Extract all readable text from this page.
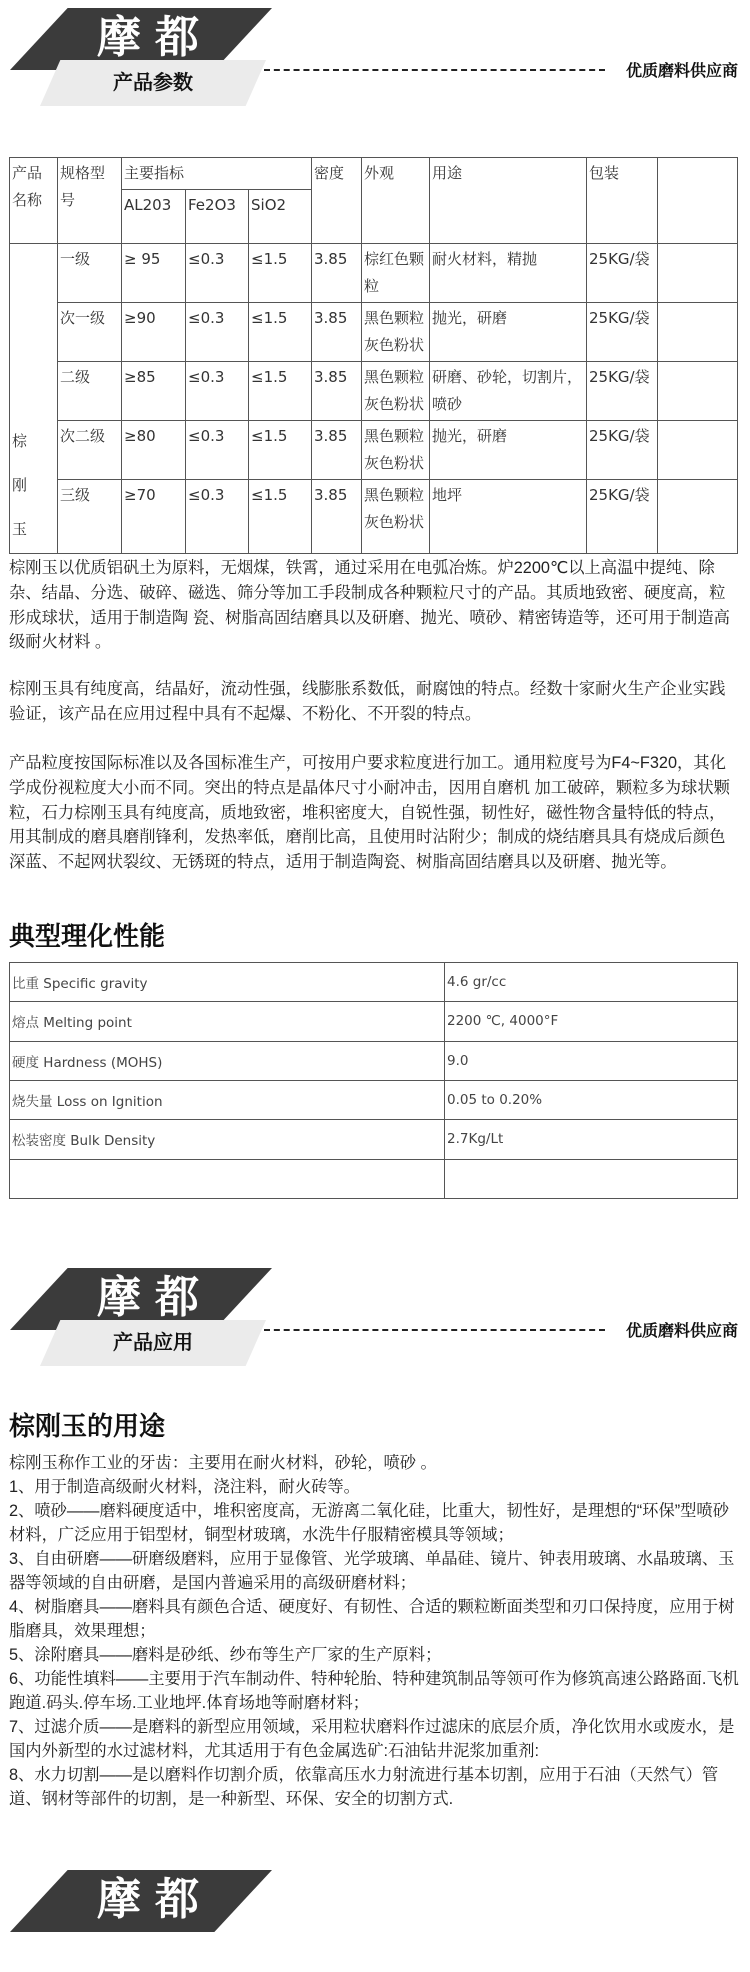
摩都
产品参数
优质磨料供应商
产品名称	规格型号	主要指标			密度	外观	用途	包装	
		AL203	Fe2O3	SiO2					

棕
刚
玉	一级	≥ 95	≤0.3	≤1.5	3.85	棕红色颗粒	耐火材料，精抛	25KG/袋	
	次一级	≥90	≤0.3	≤1.5	3.85	黑色颗粒灰色粉状	抛光，研磨	25KG/袋	
	二级	≥85	≤0.3	≤1.5	3.85	黑色颗粒灰色粉状	研磨、砂轮，切割片，喷砂	25KG/袋	
	次二级	≥80	≤0.3	≤1.5	3.85	黑色颗粒灰色粉状	抛光，研磨	25KG/袋	
	三级	≥70	≤0.3	≤1.5	3.85	黑色颗粒灰色粉状	地坪	25KG/袋	

棕刚玉以优质铝矾土为原料，无烟煤，铁霄，通过采用在电弧冶炼。炉2200℃以上高温中提纯、除杂、结晶、分选、破碎、磁选、筛分等加工手段制成各种颗粒尺寸的产品。其质地致密、硬度高，粒形成球状，适用于制造陶 瓷、树脂高固结磨具以及研磨、抛光、喷砂、精密铸造等，还可用于制造高级耐火材料 。

棕刚玉具有纯度高，结晶好，流动性强，线膨胀系数低，耐腐蚀的特点。经数十家耐火生产企业实践验证，该产品在应用过程中具有不起爆、不粉化、不开裂的特点。

产品粒度按国际标准以及各国标准生产，可按用户要求粒度进行加工。通用粒度号为F4~F320，其化学成份视粒度大小而不同。突出的特点是晶体尺寸小耐冲击，因用自磨机 加工破碎，颗粒多为球状颗粒，石力棕刚玉具有纯度高，质地致密，堆积密度大，自锐性强，韧性好，磁性物含量特低的特点，用其制成的磨具磨削锋利，发热率低，磨削比高，且使用时沾附少；制成的烧结磨具具有烧成后颜色深蓝、不起网状裂纹、无锈斑的特点，适用于制造陶瓷、树脂高固结磨具以及研磨、抛光等。

典型理化性能
比重 Specific gravity	4.6 gr/cc
熔点 Melting point	2200 ℃, 4000°F
硬度 Hardness (MOHS)	9.0
烧失量 Loss on Ignition	0.05 to 0.20%
松装密度 Bulk Density	2.7Kg/Lt

摩都
产品应用
优质磨料供应商
棕刚玉的用途
棕刚玉称作工业的牙齿：主要用在耐火材料，砂轮，喷砂 。
1、用于制造高级耐火材料，浇注料，耐火砖等。
2、喷砂——磨料硬度适中，堆积密度高，无游离二氧化硅，比重大，韧性好，是理想的“环保”型喷砂材料，广泛应用于铝型材，铜型材玻璃，水洗牛仔服精密模具等领域；
3、自由研磨——研磨级磨料，应用于显像管、光学玻璃、单晶硅、镜片、钟表用玻璃、水晶玻璃、玉器等领域的自由研磨，是国内普遍采用的高级研磨材料；
4、树脂磨具——磨料具有颜色合适、硬度好、有韧性、合适的颗粒断面类型和刃口保持度，应用于树脂磨具，效果理想；
5、涂附磨具——磨料是砂纸、纱布等生产厂家的生产原料；
6、功能性填料——主要用于汽车制动件、特种轮胎、特种建筑制品等领可作为修筑高速公路路面.飞机跑道.码头.停车场.工业地坪.体育场地等耐磨材料；
7、过滤介质——是磨料的新型应用领域，采用粒状磨料作过滤床的底层介质，净化饮用水或废水，是国内外新型的水过滤材料，尤其适用于有色金属选矿:石油钻井泥浆加重剂:
8、水力切割——是以磨料作切割介质，依靠高压水力射流进行基本切割，应用于石油（天然气）管道、钢材等部件的切割，是一种新型、环保、安全的切割方式.
摩都
